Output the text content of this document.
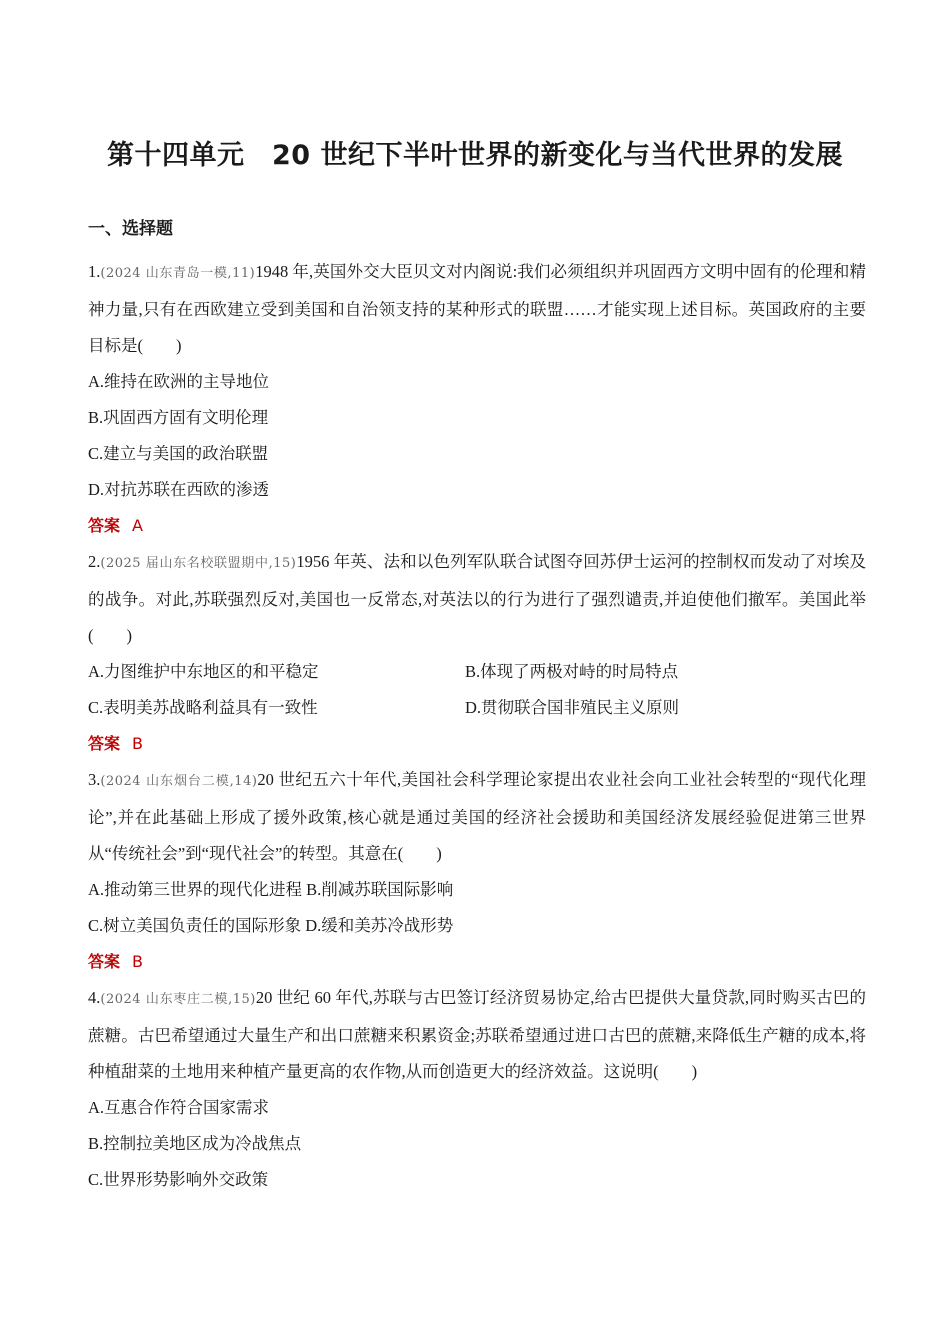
第十四单元　20 世纪下半叶世界的新变化与当代世界的发展
一、选择题
1.(2024 山东青岛一模,11)1948 年,英国外交大臣贝文对内阁说:我们必须组织并巩固西方文明中固有的伦理和精神力量,只有在西欧建立受到美国和自治领支持的某种形式的联盟……才能实现上述目标。英国政府的主要目标是(　　)
A.维持在欧洲的主导地位
B.巩固西方固有文明伦理
C.建立与美国的政治联盟
D.对抗苏联在西欧的渗透
答案 A
2.(2025 届山东名校联盟期中,15)1956 年英、法和以色列军队联合试图夺回苏伊士运河的控制权而发动了对埃及的战争。对此,苏联强烈反对,美国也一反常态,对英法以的行为进行了强烈谴责,并迫使他们撤军。美国此举(　　)
A.力图维护中东地区的和平稳定	B.体现了两极对峙的时局特点
C.表明美苏战略利益具有一致性	D.贯彻联合国非殖民主义原则
答案 B
3.(2024 山东烟台二模,14)20 世纪五六十年代,美国社会科学理论家提出农业社会向工业社会转型的“现代化理论”,并在此基础上形成了援外政策,核心就是通过美国的经济社会援助和美国经济发展经验促进第三世界从“传统社会”到“现代社会”的转型。其意在(　　)
A.推动第三世界的现代化进程 B.削减苏联国际影响
C.树立美国负责任的国际形象 D.缓和美苏冷战形势
答案 B
4.(2024 山东枣庄二模,15)20 世纪 60 年代,苏联与古巴签订经济贸易协定,给古巴提供大量贷款,同时购买古巴的蔗糖。古巴希望通过大量生产和出口蔗糖来积累资金;苏联希望通过进口古巴的蔗糖,来降低生产糖的成本,将种植甜菜的土地用来种植产量更高的农作物,从而创造更大的经济效益。这说明(　　)
A.互惠合作符合国家需求
B.控制拉美地区成为冷战焦点
C.世界形势影响外交政策
